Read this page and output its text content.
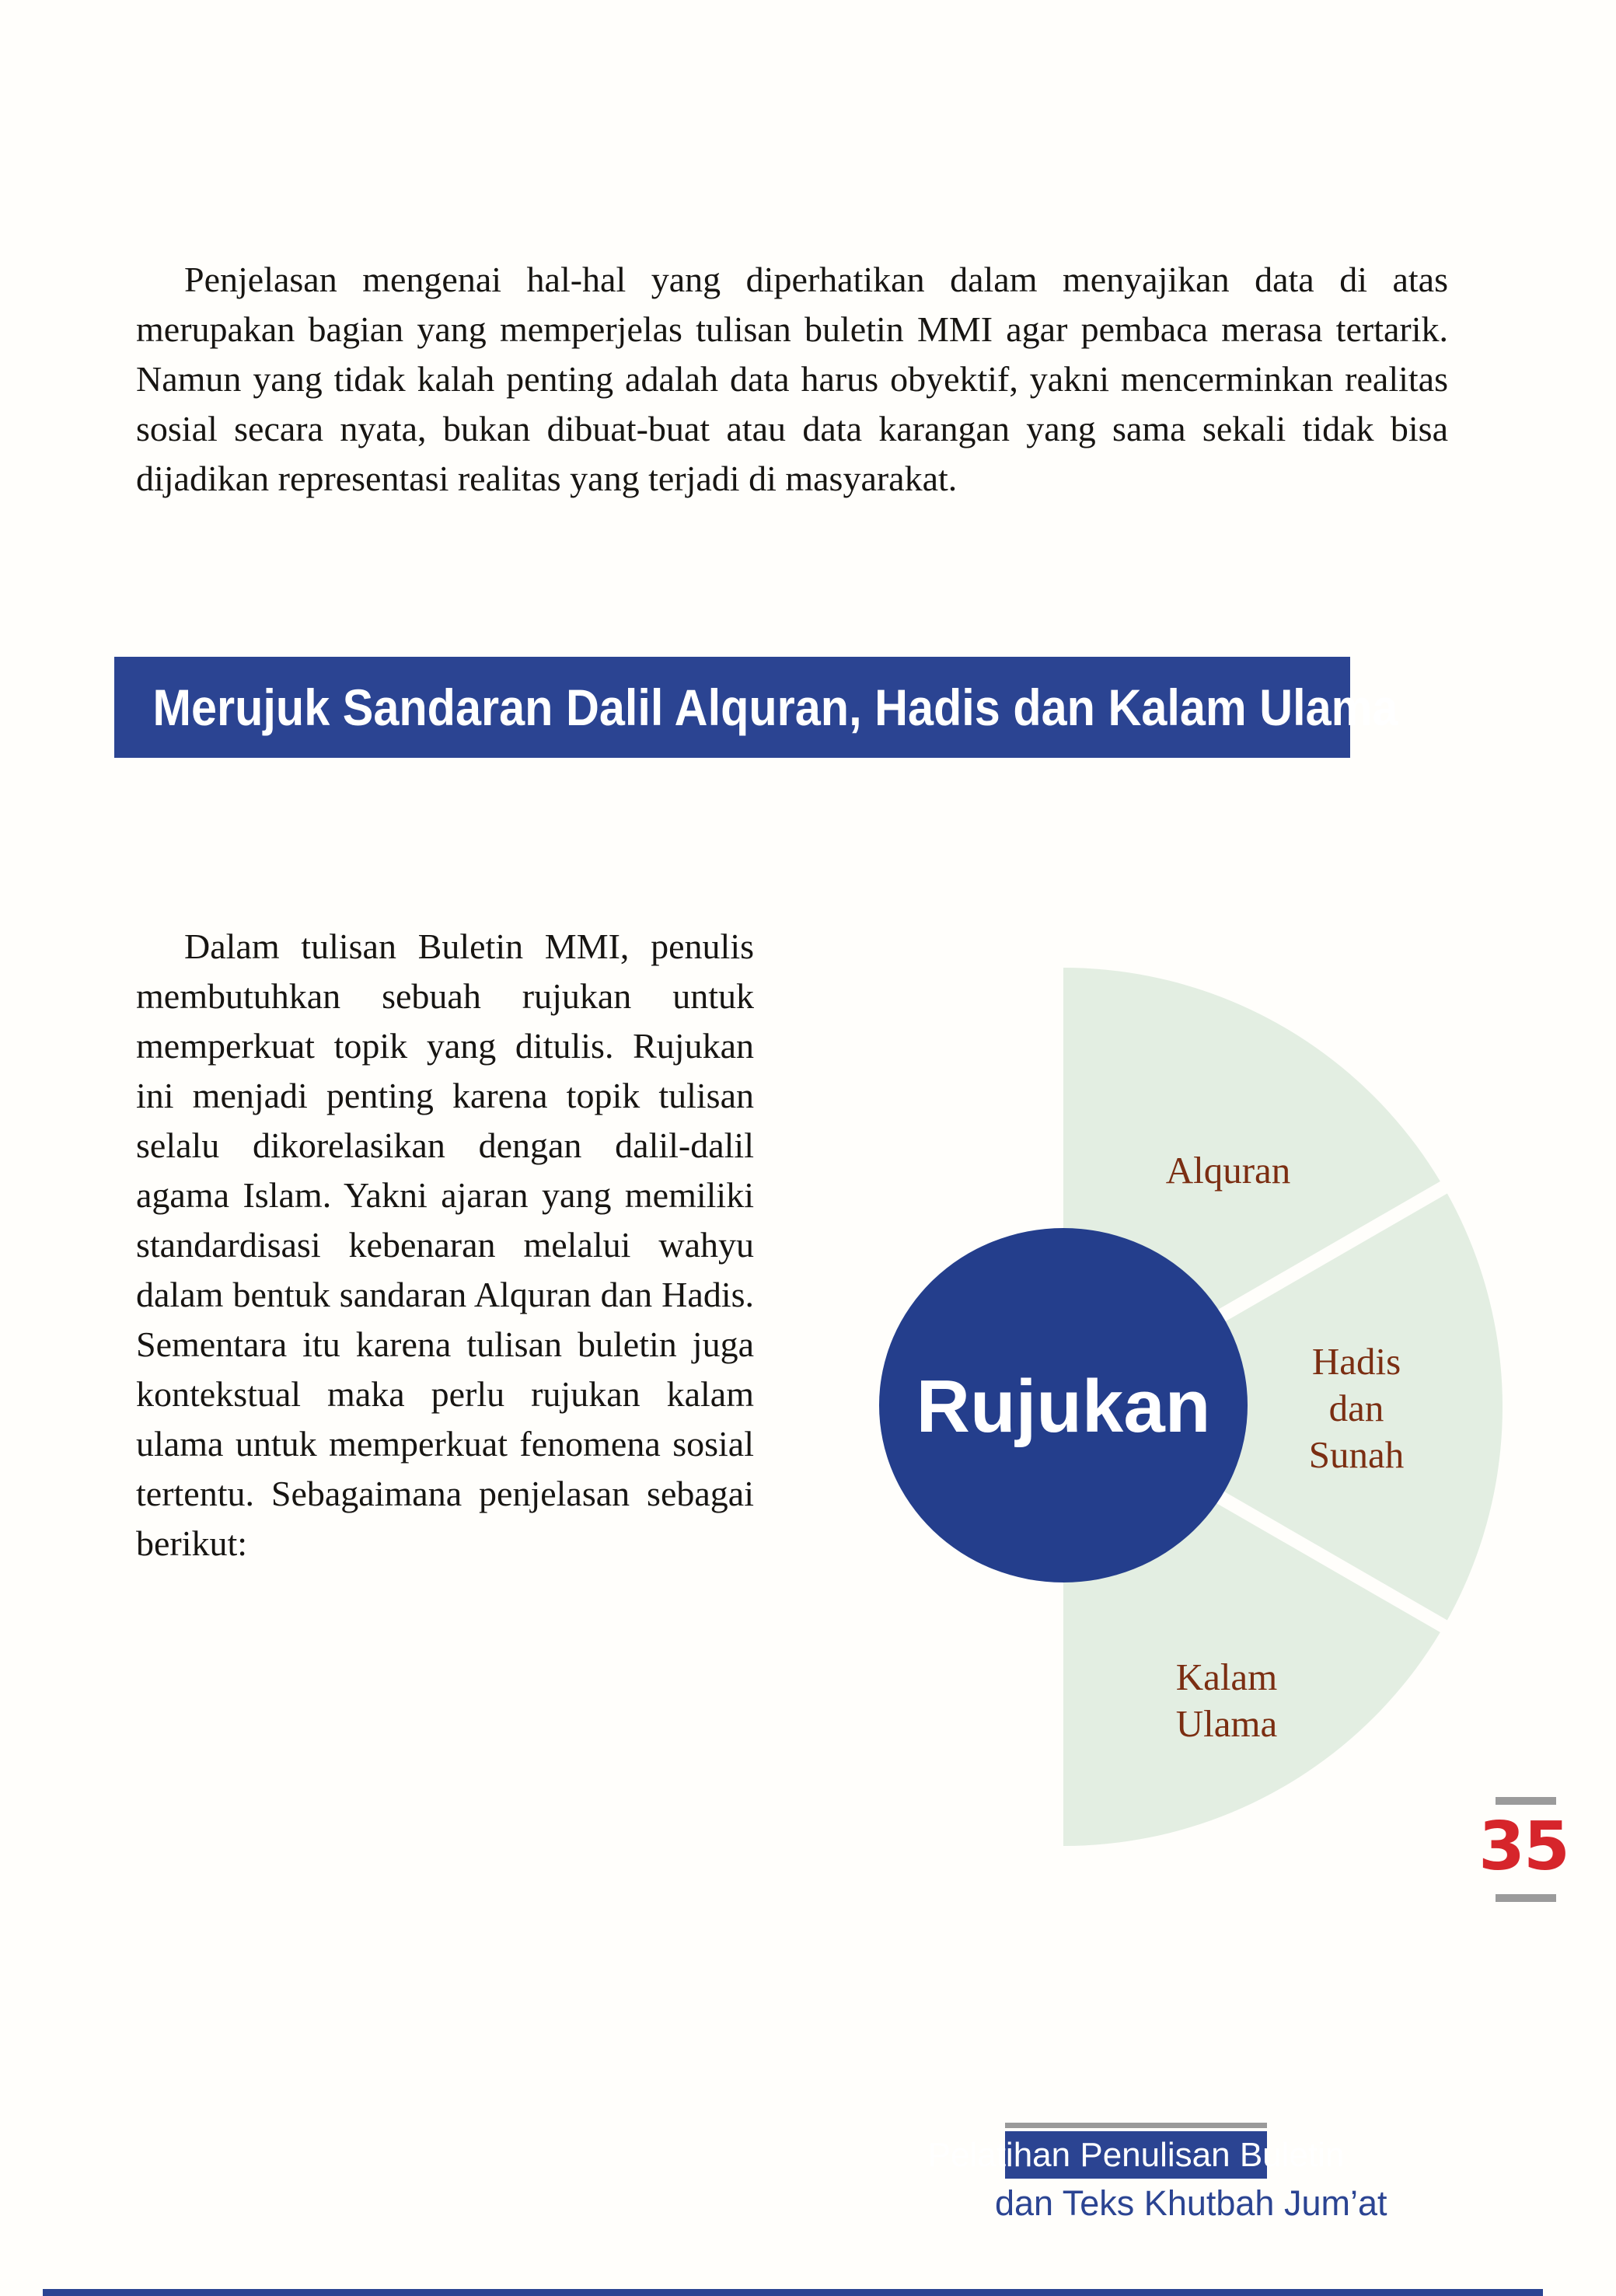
Penjelasan mengenai hal-hal yang diperhatikan dalam menyajikan data di atas merupakan bagian yang memperjelas tulisan buletin MMI agar pembaca merasa tertarik. Namun yang tidak kalah penting adalah data harus obyektif, yakni mencerminkan realitas sosial secara nyata, bukan dibuat-buat atau data karangan yang sama sekali tidak bisa dijadikan representasi realitas yang terjadi di masyarakat.

Merujuk Sandaran Dalil Alquran, Hadis dan Kalam Ulama

Dalam tulisan Buletin MMI, penulis membutuhkan sebuah rujukan untuk memperkuat topik yang ditulis. Rujukan ini menjadi penting karena topik tulisan selalu dikorelasikan dengan dalil-dalil agama Islam. Yakni ajaran yang memiliki standardisasi kebenaran melalui wahyu dalam bentuk sandaran Alquran dan Hadis. Sementara itu karena tulisan buletin juga kontekstual maka perlu rujukan kalam ulama untuk memperkuat fenomena sosial tertentu. Sebagaimana penjelasan sebagai berikut:

Rujukan
Alquran
Hadis
dan
Sunah
Kalam
Ulama
35
Pelatihan Penulisan Buletin
dan Teks Khutbah Jum’at
